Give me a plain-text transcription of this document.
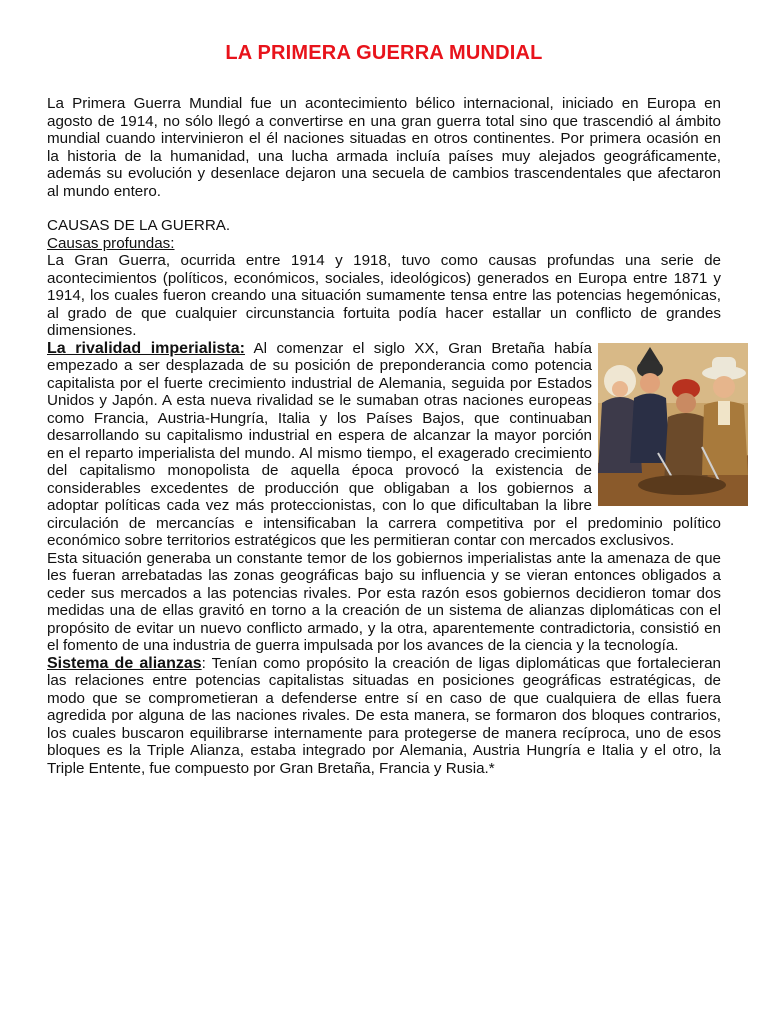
LA PRIMERA GUERRA MUNDIAL

La Primera Guerra Mundial fue un acontecimiento bélico internacional, iniciado en Europa en agosto de 1914, no sólo llegó a convertirse en una gran guerra total sino que trascendió al ámbito mundial cuando intervinieron el él naciones situadas en otros continentes. Por primera ocasión en la historia de la humanidad, una lucha armada incluía países muy alejados geográficamente, además su evolución y desenlace dejaron una secuela de cambios trascendentales que afectaron al mundo entero.

CAUSAS DE LA GUERRA.
Causas profundas:

La Gran Guerra, ocurrida entre 1914 y 1918, tuvo como causas profundas una serie de acontecimientos (políticos, económicos, sociales, ideológicos) generados en Europa entre 1871 y 1914, los cuales fueron creando una situación sumamente tensa entre las potencias hegemónicas, al grado de que cualquier circunstancia fortuita podía hacer estallar un conflicto de grandes dimensiones.

La rivalidad imperialista: Al comenzar el siglo XX, Gran Bretaña había empezado a ser desplazada de su posición de preponderancia como potencia capitalista por el fuerte crecimiento industrial de Alemania, seguida por Estados Unidos y Japón. A esta nueva rivalidad se le sumaban otras naciones europeas como Francia, Austria-Hungría, Italia y los Países Bajos, que continuaban desarrollando su capitalismo industrial en espera de alcanzar la mayor porción en el reparto imperialista del mundo. Al mismo tiempo, el exagerado crecimiento del capitalismo monopolista de aquella época provocó la existencia de considerables excedentes de producción que obligaban a los gobiernos a adoptar políticas cada vez más proteccionistas, con lo que dificultaban la libre circulación de mercancías e intensificaban la carrera competitiva por el predominio político económico sobre territorios estratégicos que les permitieran contar con mercados exclusivos.

Esta situación generaba un constante temor de los gobiernos imperialistas ante la amenaza de que les fueran arrebatadas las zonas geográficas bajo su influencia y se vieran entonces obligados a ceder sus mercados a las potencias rivales. Por esta razón esos gobiernos decidieron tomar dos medidas una de ellas gravitó en torno a la creación de un sistema de alianzas diplomáticas con el propósito de evitar un nuevo conflicto armado, y la otra, aparentemente contradictoria, consistió en el fomento de una industria de guerra impulsada por los avances de la ciencia y la tecnología.

Sistema de alianzas: Tenían como propósito la creación de ligas diplomáticas que fortalecieran las relaciones entre potencias capitalistas situadas en posiciones geográficas estratégicas, de modo que se comprometieran a defenderse entre sí en caso de que cualquiera de ellas fuera agredida por alguna de las naciones rivales. De esta manera, se formaron dos bloques contrarios, los cuales buscaron equilibrarse internamente para protegerse de manera recíproca, uno de esos bloques es la Triple Alianza, estaba integrado por Alemania, Austria Hungría e Italia y el otro, la Triple Entente, fue compuesto por Gran Bretaña, Francia y Rusia.*
